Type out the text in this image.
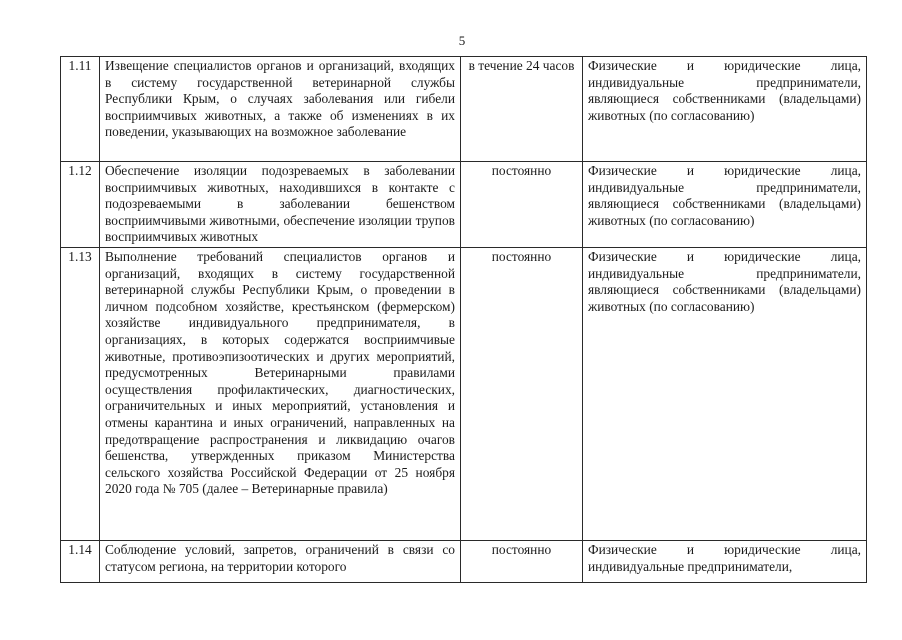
5
1.11	Извещение специалистов органов и организаций, входящих в систему государственной ветеринарной службы Республики Крым, о случаях заболевания или гибели восприимчивых животных, а также об изменениях в их поведении, указывающих на возможное заболевание	в течение 24 часов	Физические и юридические лица, индивидуальные предприниматели, являющиеся собственниками (владельцами) животных (по согласованию)
1.12	Обеспечение изоляции подозреваемых в заболевании восприимчивых животных, находившихся в контакте с подозреваемыми в заболевании бешенством восприимчивыми животными, обеспечение изоляции трупов восприимчивых животных	постоянно	Физические и юридические лица, индивидуальные предприниматели, являющиеся собственниками (владельцами) животных (по согласованию)
1.13	Выполнение требований специалистов органов и организаций, входящих в систему государственной ветеринарной службы Республики Крым, о проведении в личном подсобном хозяйстве, крестьянском (фермерском) хозяйстве индивидуального предпринимателя, в организациях, в которых содержатся восприимчивые животные, противоэпизоотических и других мероприятий, предусмотренных Ветеринарными правилами осуществления профилактических, диагностических, ограничительных и иных мероприятий, установления и отмены карантина и иных ограничений, направленных на предотвращение распространения и ликвидацию очагов бешенства, утвержденных приказом Министерства сельского хозяйства Российской Федерации от 25 ноября 2020 года № 705 (далее – Ветеринарные правила)	постоянно	Физические и юридические лица, индивидуальные предприниматели, являющиеся собственниками (владельцами) животных (по согласованию)
1.14	Соблюдение условий, запретов, ограничений в связи со статусом региона, на территории которого	постоянно	Физические и юридические лица, индивидуальные предприниматели,
